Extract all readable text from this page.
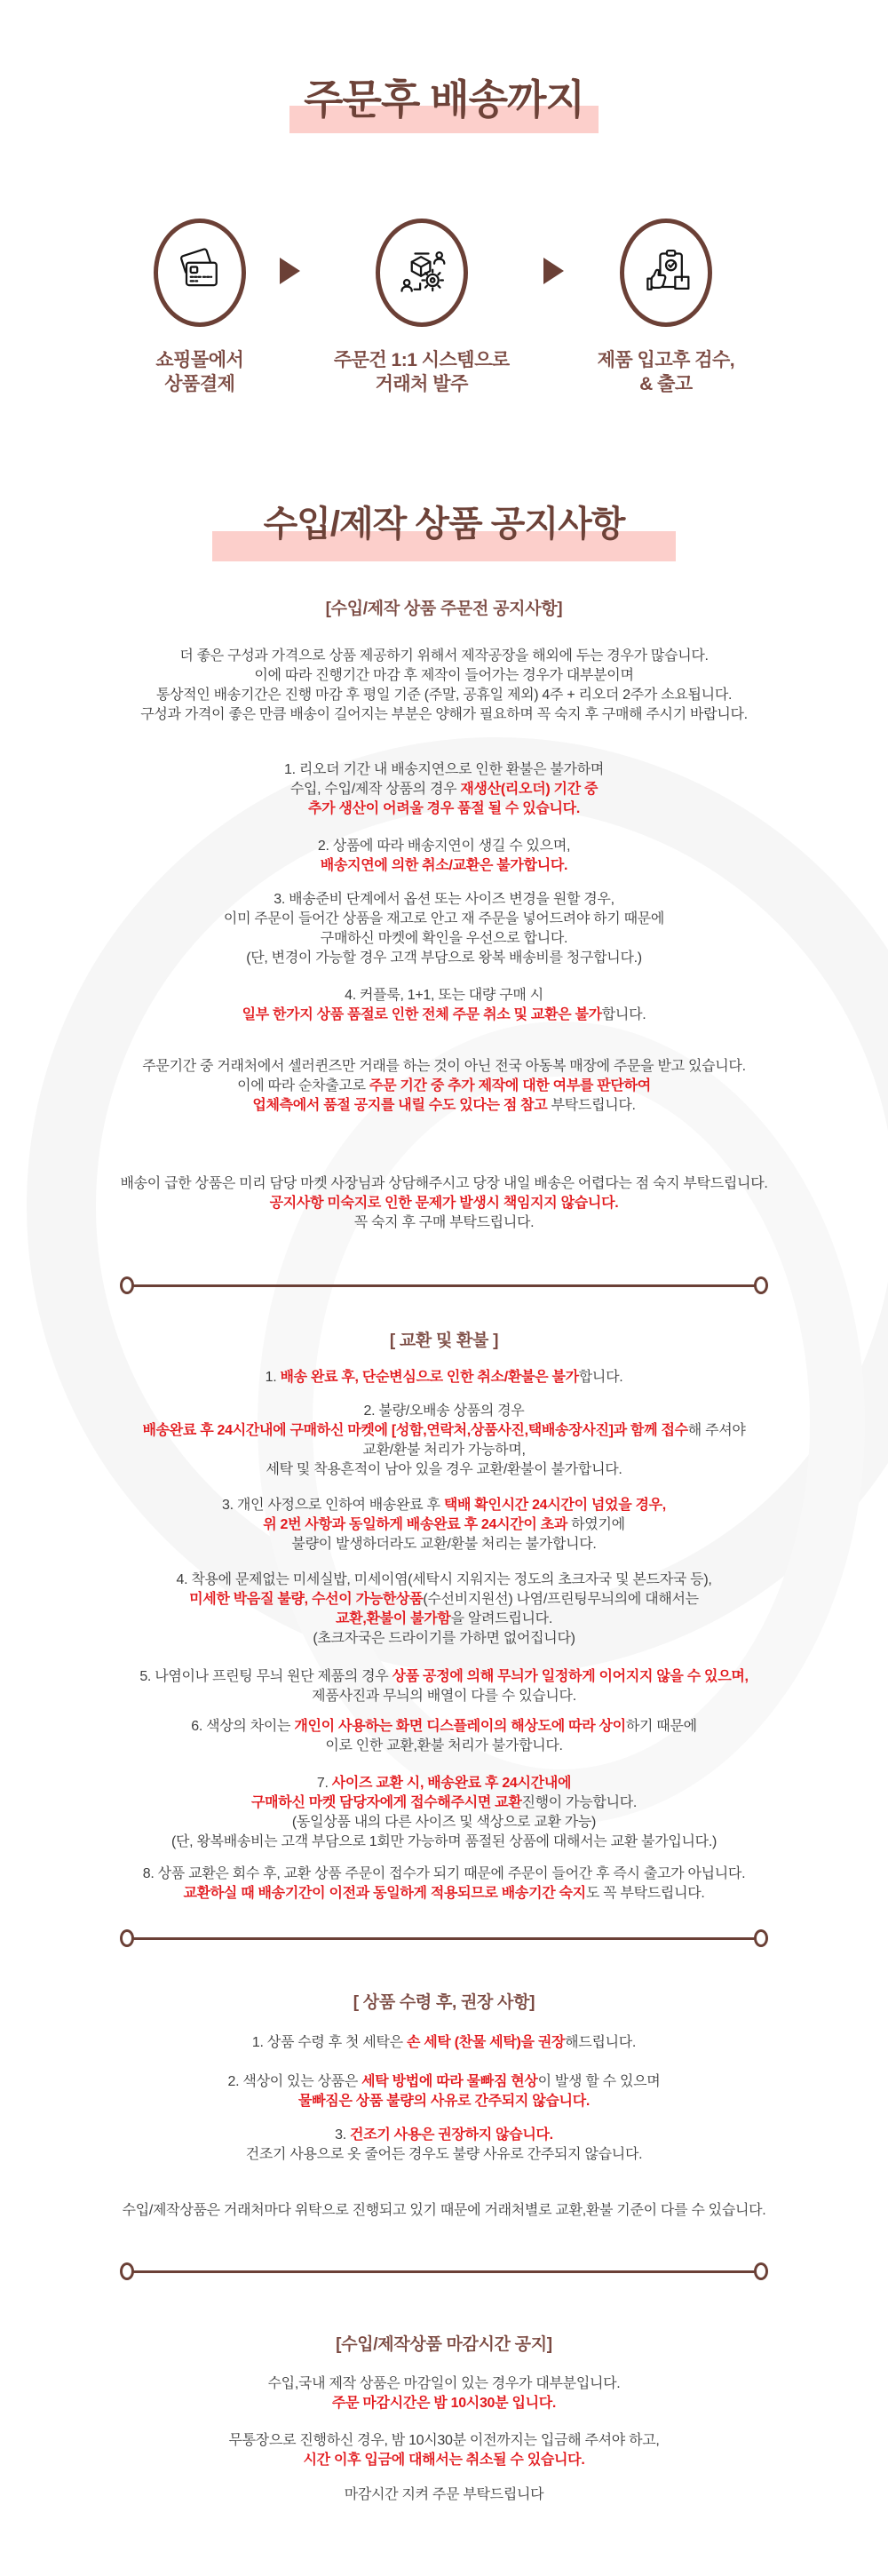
주문후 배송까지
쇼핑몰에서
상품결제
주문건 1:1 시스템으로
거래처 발주
제품 입고후 검수,
& 출고
수입/제작 상품 공지사항
[수입/제작 상품 주문전 공지사항]

더 좋은 구성과 가격으로 상품 제공하기 위해서 제작공장을 해외에 두는 경우가 많습니다.
이에 따라 진행기간 마감 후 제작이 들어가는 경우가 대부분이며
통상적인 배송기간은 진행 마감 후 평일 기준 (주말, 공휴일 제외) 4주 + 리오더 2주가 소요됩니다.
구성과 가격이 좋은 만큼 배송이 길어지는 부분은 양해가 필요하며 꼭 숙지 후 구매해 주시기 바랍니다.

1. 리오더 기간 내 배송지연으로 인한 환불은 불가하며
수입, 수입/제작 상품의 경우 재생산(리오더) 기간 중
추가 생산이 어려울 경우 품절 될 수 있습니다.

2. 상품에 따라 배송지연이 생길 수 있으며,
배송지연에 의한 취소/교환은 불가합니다.

3. 배송준비 단계에서 옵션 또는 사이즈 변경을 원할 경우,
이미 주문이 들어간 상품을 재고로 안고 재 주문을 넣어드려야 하기 때문에
구매하신 마켓에 확인을 우선으로 합니다.
(단, 변경이 가능할 경우 고객 부담으로 왕복 배송비를 청구합니다.)

4. 커플룩, 1+1, 또는 대량 구매 시
일부 한가지 상품 품절로 인한 전체 주문 취소 및 교환은 불가합니다.

주문기간 중 거래처에서 셀러퀸즈만 거래를 하는 것이 아닌 전국 아동복 매장에 주문을 받고 있습니다.
이에 따라 순차출고로 주문 기간 중 추가 제작에 대한 여부를 판단하여
업체측에서 품절 공지를 내릴 수도 있다는 점 참고 부탁드립니다.

배송이 급한 상품은 미리 담당 마켓 사장님과 상담해주시고 당장 내일 배송은 어렵다는 점 숙지 부탁드립니다.
공지사항 미숙지로 인한 문제가 발생시 책임지지 않습니다.
꼭 숙지 후 구매 부탁드립니다.

[ 교환 및 환불 ]

1. 배송 완료 후, 단순변심으로 인한 취소/환불은 불가합니다.

2. 불량/오배송 상품의 경우
배송완료 후 24시간내에 구매하신 마켓에 [성함,연락처,상품사진,택배송장사진]과 함께 접수해 주셔야
교환/환불 처리가 가능하며,
세탁 및 착용흔적이 남아 있을 경우 교환/환불이 불가합니다.

3. 개인 사정으로 인하여 배송완료 후 택배 확인시간 24시간이 넘었을 경우,
위 2번 사항과 동일하게 배송완료 후 24시간이 초과 하였기에
불량이 발생하더라도 교환/환불 처리는 불가합니다.

4. 착용에 문제없는 미세실밥, 미세이염(세탁시 지워지는 정도의 초크자국 및 본드자국 등),
미세한 박음질 불량, 수선이 가능한상품(수선비지원선) 나염/프린팅무늬의에 대해서는
교환,환불이 불가함을 알려드립니다.
(초크자국은 드라이기를 가하면 없어집니다)

5. 나염이나 프린팅 무늬 원단 제품의 경우 상품 공정에 의해 무늬가 일정하게 이어지지 않을 수 있으며,
제품사진과 무늬의 배열이 다를 수 있습니다.

6. 색상의 차이는 개인이 사용하는 화면 디스플레이의 해상도에 따라 상이하기 때문에
이로 인한 교환,환불 처리가 불가합니다.

7. 사이즈 교환 시, 배송완료 후 24시간내에
구매하신 마켓 담당자에게 접수해주시면 교환진행이 가능합니다.
(동일상품 내의 다른 사이즈 및 색상으로 교환 가능)
(단, 왕복배송비는 고객 부담으로 1회만 가능하며 품절된 상품에 대해서는 교환 불가입니다.)

8. 상품 교환은 회수 후, 교환 상품 주문이 접수가 되기 때문에 주문이 들어간 후 즉시 출고가 아닙니다.
교환하실 때 배송기간이 이전과 동일하게 적용되므로 배송기간 숙지도 꼭 부탁드립니다.

[ 상품 수령 후, 권장 사항]

1. 상품 수령 후 첫 세탁은 손 세탁 (찬물 세탁)을 권장해드립니다.

2. 색상이 있는 상품은 세탁 방법에 따라 물빠짐 현상이 발생 할 수 있으며
물빠짐은 상품 불량의 사유로 간주되지 않습니다.

3. 건조기 사용은 권장하지 않습니다.
건조기 사용으로 옷 줄어든 경우도 불량 사유로 간주되지 않습니다.

수입/제작상품은 거래처마다 위탁으로 진행되고 있기 때문에 거래처별로 교환,환불 기준이 다를 수 있습니다.

[수입/제작상품 마감시간 공지]

수입,국내 제작 상품은 마감일이 있는 경우가 대부분입니다.
주문 마감시간은 밤 10시30분 입니다.

무통장으로 진행하신 경우, 밤 10시30분 이전까지는 입금해 주셔야 하고,
시간 이후 입금에 대해서는 취소될 수 있습니다.

마감시간 지켜 주문 부탁드립니다
